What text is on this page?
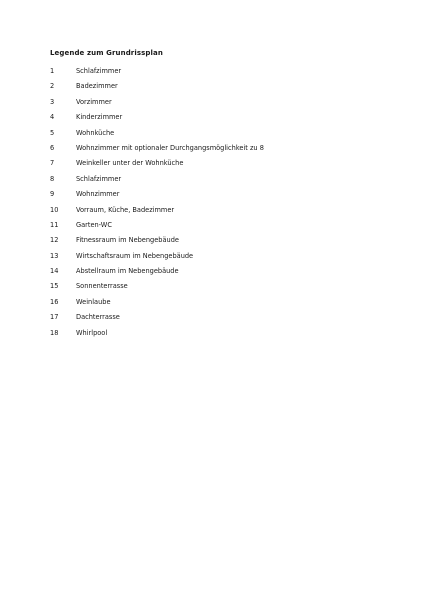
Legende zum Grundrissplan
1	Schlafzimmer
2	Badezimmer
3	Vorzimmer
4	Kinderzimmer
5	Wohnküche
6	Wohnzimmer mit optionaler Durchgangsmöglichkeit zu 8
7	Weinkeller unter der Wohnküche
8	Schlafzimmer
9	Wohnzimmer
10	Vorraum, Küche, Badezimmer
11	Garten-WC
12	Fitnessraum im Nebengebäude
13	Wirtschaftsraum im Nebengebäude
14	Abstellraum im Nebengebäude
15	Sonnenterrasse
16	Weinlaube
17	Dachterrasse
18	Whirlpool
